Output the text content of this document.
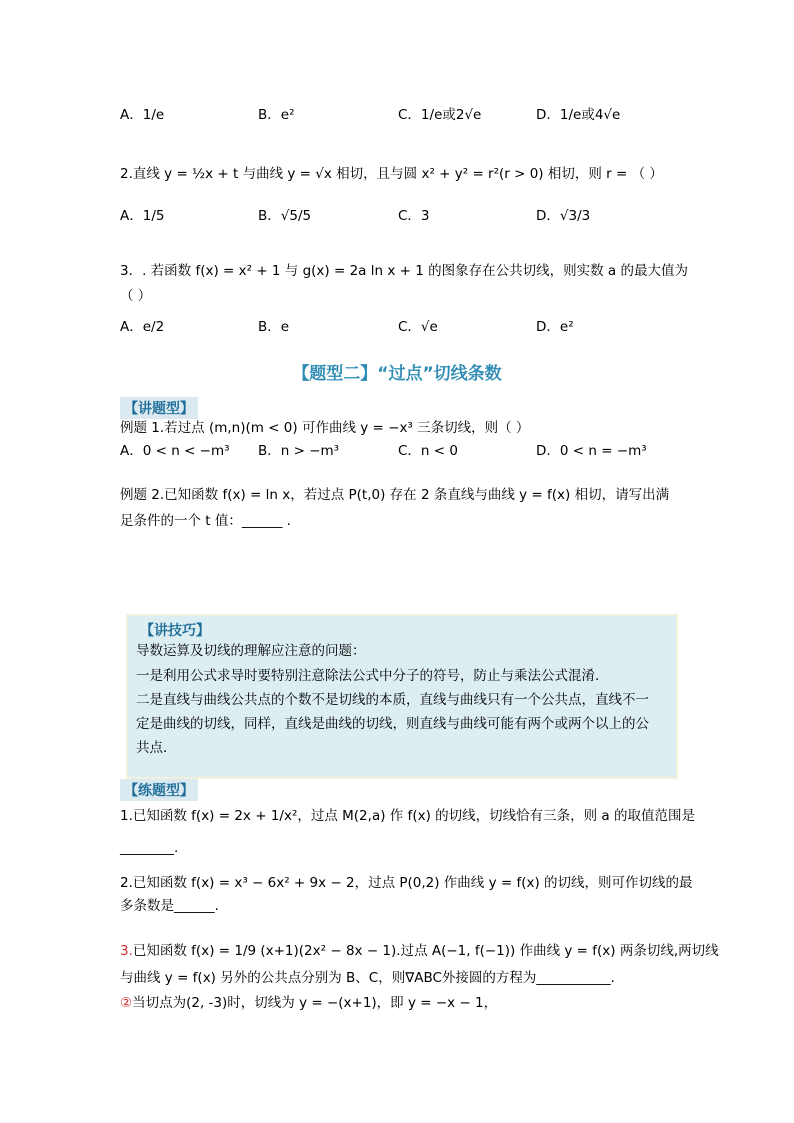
A．1/e	B．e²	C．1/e或2√e	D．1/e或4√e
2.直线 y = ½x + t 与曲线 y = √x 相切，且与圆 x² + y² = r²(r > 0) 相切，则 r = （ ）
A．1/5	B．√5/5	C．3	D．√3/3
3．. 若函数 f(x) = x² + 1 与 g(x) = 2a ln x + 1 的图象存在公共切线，则实数 a 的最大值为
（ ）
A．e/2	B．e	C．√e	D．e²
【题型二】“过点”切线条数
【讲题型】
例题 1.若过点 (m,n)(m < 0) 可作曲线 y = −x³ 三条切线，则（ ）
A．0 < n < −m³ B．n > −m³	C．n < 0	D．0 < n = −m³
例题 2.已知函数 f(x) = ln x，若过点 P(t,0) 存在 2 条直线与曲线 y = f(x) 相切，请写出满
足条件的一个 t 值：______ .
【讲技巧】
导数运算及切线的理解应注意的问题：
一是利用公式求导时要特别注意除法公式中分子的符号，防止与乘法公式混淆．
二是直线与曲线公共点的个数不是切线的本质，直线与曲线只有一个公共点，直线不一
定是曲线的切线，同样，直线是曲线的切线，则直线与曲线可能有两个或两个以上的公
共点．
【练题型】
1.已知函数 f(x) = 2x + 1/x²，过点 M(2,a) 作 f(x) 的切线，切线恰有三条，则 a 的取值范围是
________.
2.已知函数 f(x) = x³ − 6x² + 9x − 2，过点 P(0,2) 作曲线 y = f(x) 的切线，则可作切线的最
多条数是______.
3.已知函数 f(x) = 1/9 (x+1)(2x² − 8x − 1).过点 A(−1, f(−1)) 作曲线 y = f(x) 两条切线,两切线
与曲线 y = f(x) 另外的公共点分别为 B、C，则∇ABC外接圆的方程为___________.
②当切点为(2, -3)时，切线为 y = −(x+1)，即 y = −x − 1，
